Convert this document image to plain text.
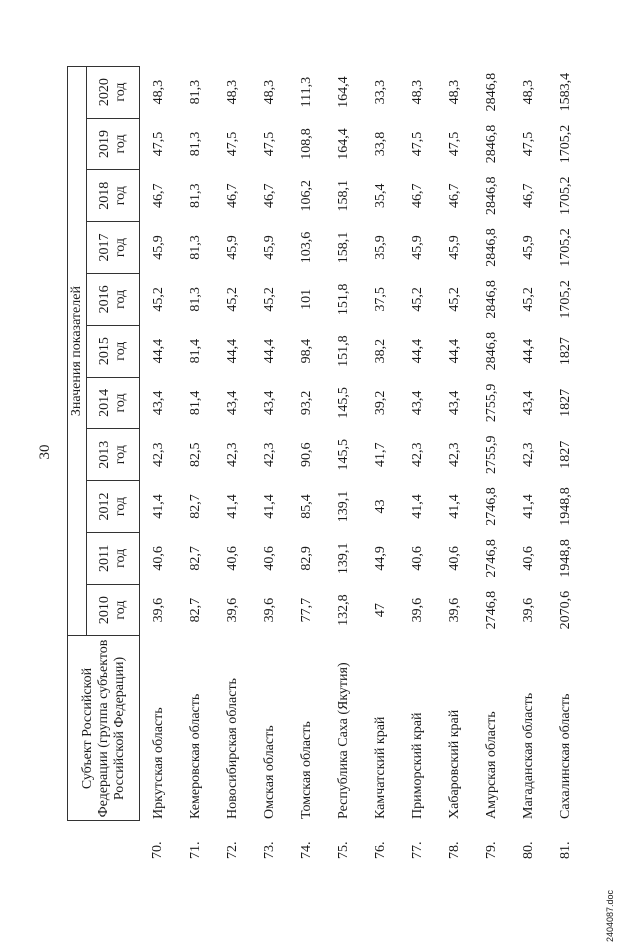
30
	Субъект Российской Федерации (группа субъектов Российской Федерации)	Значения показателей										
		2010 год	2011 год	2012 год	2013 год	2014 год	2015 год	2016 год	2017 год	2018 год	2019 год	2020 год
70.	Иркутская область	39,6	40,6	41,4	42,3	43,4	44,4	45,2	45,9	46,7	47,5	48,3
71.	Кемеровская область	82,7	82,7	82,7	82,5	81,4	81,4	81,3	81,3	81,3	81,3	81,3
72.	Новосибирская область	39,6	40,6	41,4	42,3	43,4	44,4	45,2	45,9	46,7	47,5	48,3
73.	Омская область	39,6	40,6	41,4	42,3	43,4	44,4	45,2	45,9	46,7	47,5	48,3
74.	Томская область	77,7	82,9	85,4	90,6	93,2	98,4	101	103,6	106,2	108,8	111,3
75.	Республика Саха (Якутия)	132,8	139,1	139,1	145,5	145,5	151,8	151,8	158,1	158,1	164,4	164,4
76.	Камчатский край	47	44,9	43	41,7	39,2	38,2	37,5	35,9	35,4	33,8	33,3
77.	Приморский край	39,6	40,6	41,4	42,3	43,4	44,4	45,2	45,9	46,7	47,5	48,3
78.	Хабаровский край	39,6	40,6	41,4	42,3	43,4	44,4	45,2	45,9	46,7	47,5	48,3
79.	Амурская область	2746,8	2746,8	2746,8	2755,9	2755,9	2846,8	2846,8	2846,8	2846,8	2846,8	2846,8
80.	Магаданская область	39,6	40,6	41,4	42,3	43,4	44,4	45,2	45,9	46,7	47,5	48,3
81.	Сахалинская область	2070,6	1948,8	1948,8	1827	1827	1827	1705,2	1705,2	1705,2	1705,2	1583,4
2404087.doc
